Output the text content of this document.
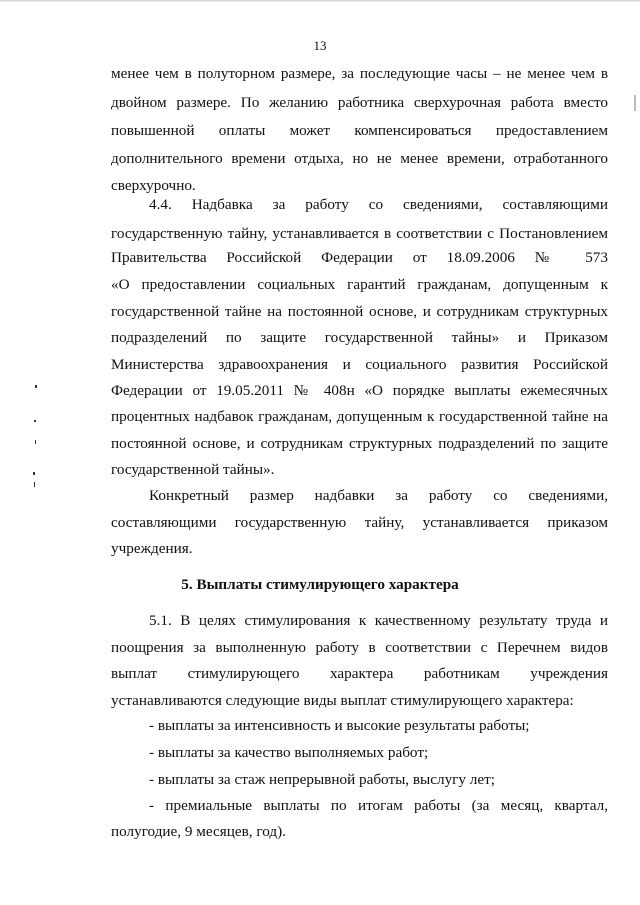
13
менее чем в полуторном размере, за последующие часы – не менее чем в
двойном размере. По желанию работника сверхурочная работа вместо
повышенной оплаты может компенсироваться предоставлением
дополнительного времени отдыха, но не менее времени, отработанного
сверхурочно.
4.4. Надбавка за работу со сведениями, составляющими
государственную тайну, устанавливается в соответствии с Постановлением
Правительства Российской Федерации от 18.09.2006 № 573
«О предоставлении социальных гарантий гражданам, допущенным к
государственной тайне на постоянной основе, и сотрудникам структурных
подразделений по защите государственной тайны» и Приказом
Министерства здравоохранения и социального развития Российской
Федерации от 19.05.2011 № 408н «О порядке выплаты ежемесячных
процентных надбавок гражданам, допущенным к государственной тайне на
постоянной основе, и сотрудникам структурных подразделений по защите
государственной тайны».
Конкретный размер надбавки за работу со сведениями,
составляющими государственную тайну, устанавливается приказом
учреждения.
5. Выплаты стимулирующего характера
5.1. В целях стимулирования к качественному результату труда и
поощрения за выполненную работу в соответствии с Перечнем видов
выплат стимулирующего характера работникам учреждения
устанавливаются следующие виды выплат стимулирующего характера:
- выплаты за интенсивность и высокие результаты работы;
- выплаты за качество выполняемых работ;
- выплаты за стаж непрерывной работы, выслугу лет;
- премиальные выплаты по итогам работы (за месяц, квартал,
полугодие, 9 месяцев, год).
